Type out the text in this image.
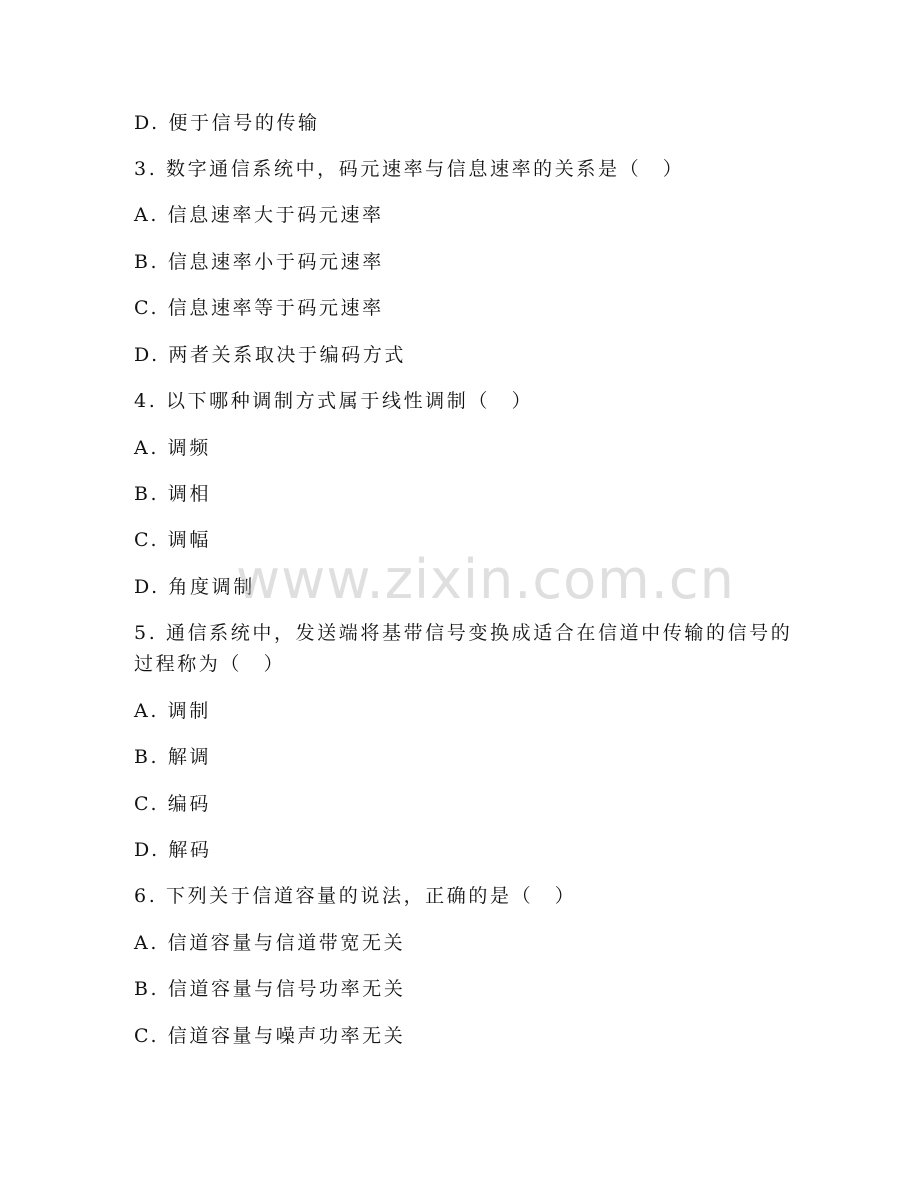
D. 便于信号的传输
3. 数字通信系统中，码元速率与信息速率的关系是（　）
A. 信息速率大于码元速率
B. 信息速率小于码元速率
C. 信息速率等于码元速率
D. 两者关系取决于编码方式
4. 以下哪种调制方式属于线性调制（　）
A. 调频
B. 调相
C. 调幅
D. 角度调制
5. 通信系统中，发送端将基带信号变换成适合在信道中传输的信号的
过程称为（　）
A. 调制
B. 解调
C. 编码
D. 解码
6. 下列关于信道容量的说法，正确的是（　）
A. 信道容量与信道带宽无关
B. 信道容量与信号功率无关
C. 信道容量与噪声功率无关
www.zixin.com.cn
